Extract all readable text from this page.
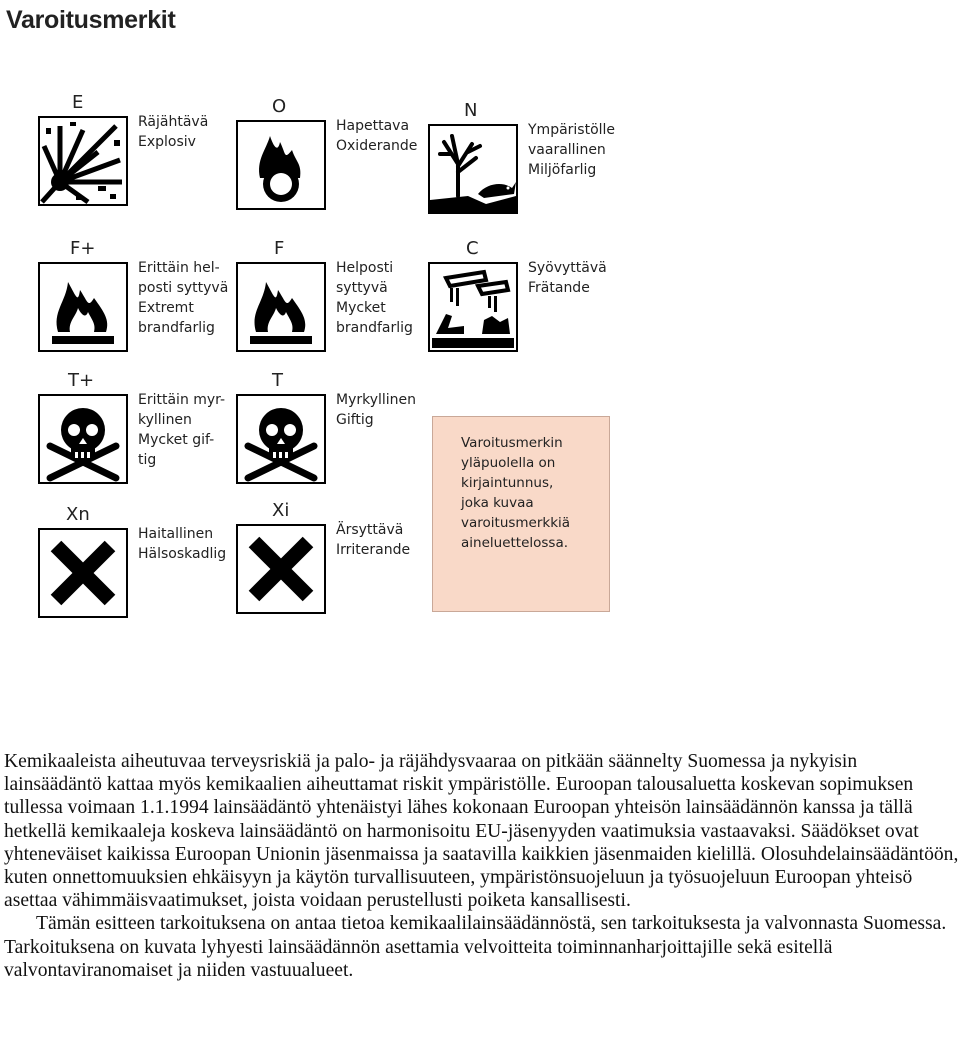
Varoitusmerkit
E
Räjähtävä
Explosiv
O
Hapettava
Oxiderande
N
Ympäristölle
vaarallinen
Miljöfarlig
F+
Erittäin hel-
posti syttyvä
Extremt
brandfarlig
F
Helposti
syttyvä
Mycket
brandfarlig
C
Syövyttävä
Frätande
T+
Erittäin myr-
kyllinen
Mycket gif-
tig
T
Myrkyllinen
Giftig
Xn
Haitallinen
Hälsoskadlig
Xi
Ärsyttävä
Irriterande
Varoitusmerkin
yläpuolella on
kirjaintunnus,
joka kuvaa
varoitusmerkkiä
aineluettelossa.

Kemikaaleista aiheutuvaa terveysriskiä ja palo- ja räjähdysvaaraa on pitkään säännelty Suomessa ja nykyisin lainsäädäntö kattaa myös kemikaalien aiheuttamat riskit ympäristölle. Euroopan talousaluetta koskevan sopimuksen tullessa voimaan 1.1.1994 lainsäädäntö yhtenäistyi lähes kokonaan Euroopan yhteisön lainsäädännön kanssa ja tällä hetkellä kemikaaleja koskeva lainsäädäntö on harmonisoitu EU-jäsenyyden vaatimuksia vastaavaksi. Säädökset ovat yhteneväiset kaikissa Euroopan Unionin jäsenmaissa ja saatavilla kaikkien jäsenmaiden kielillä. Olosuhdelainsäädäntöön, kuten onnettomuuksien ehkäisyyn ja käytön turvallisuuteen, ympäristönsuojeluun ja työsuojeluun Euroopan yhteisö asettaa vähimmäisvaatimukset, joista voidaan perustellusti poiketa kansallisesti.

Tämän esitteen tarkoituksena on antaa tietoa kemikaalilainsäädännöstä, sen tarkoituksesta ja valvonnasta Suomessa. Tarkoituksena on kuvata lyhyesti lainsäädännön asettamia velvoitteita toiminnanharjoittajille sekä esitellä valvontaviranomaiset ja niiden vastuualueet.
